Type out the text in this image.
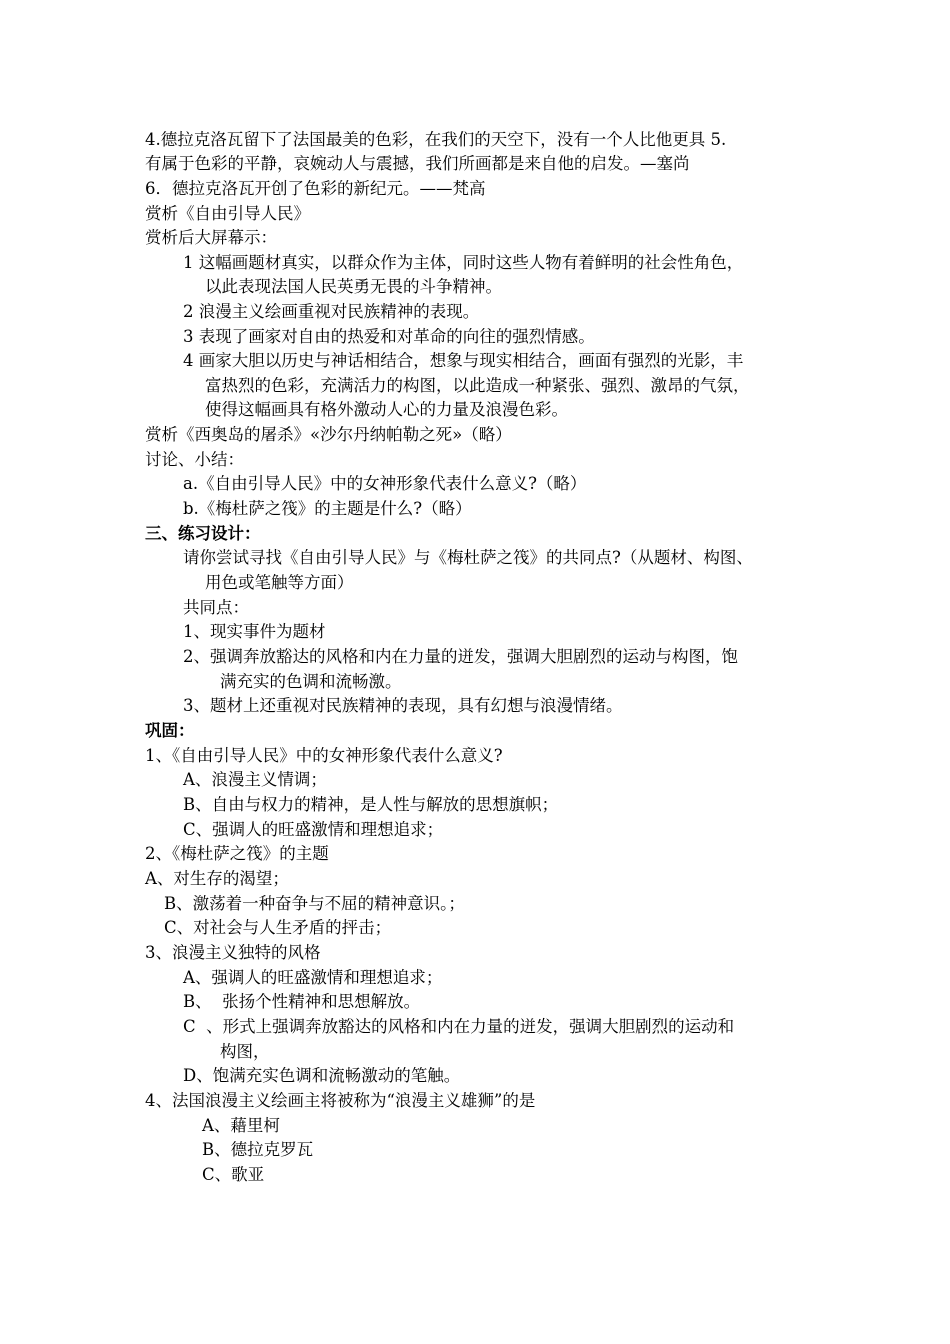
4.德拉克洛瓦留下了法国最美的色彩，在我们的天空下，没有一个人比他更具 5.
有属于色彩的平静，哀婉动人与震撼，我们所画都是来自他的启发。—塞尚
6．德拉克洛瓦开创了色彩的新纪元。——梵高
赏析《自由引导人民》
赏析后大屏幕示：
1 这幅画题材真实，以群众作为主体，同时这些人物有着鲜明的社会性角色，
以此表现法国人民英勇无畏的斗争精神。
2 浪漫主义绘画重视对民族精神的表现。
3 表现了画家对自由的热爱和对革命的向往的强烈情感。
4 画家大胆以历史与神话相结合，想象与现实相结合，画面有强烈的光影，丰
富热烈的色彩，充满活力的构图，以此造成一种紧张、强烈、激昂的气氛，
使得这幅画具有格外激动人心的力量及浪漫色彩。
赏析《西奥岛的屠杀》«沙尔丹纳帕勒之死»（略）
讨论、小结：
a.《自由引导人民》中的女神形象代表什么意义?（略）
b.《梅杜萨之筏》的主题是什么?（略）
三、练习设计：
请你尝试寻找《自由引导人民》与《梅杜萨之筏》的共同点?（从题材、构图、
用色或笔触等方面）
共同点：
1、现实事件为题材
2、强调奔放豁达的风格和内在力量的迸发，强调大胆剧烈的运动与构图，饱
满充实的色调和流畅激。
3、题材上还重视对民族精神的表现，具有幻想与浪漫情绪。
巩固：
1、《自由引导人民》中的女神形象代表什么意义?
A、浪漫主义情调；
B、自由与权力的精神，是人性与解放的思想旗帜；
C、强调人的旺盛激情和理想追求；
2、《梅杜萨之筏》的主题
A、对生存的渴望；
B、激荡着一种奋争与不屈的精神意识。；
C、对社会与人生矛盾的抨击；
3、浪漫主义独特的风格
A、强调人的旺盛激情和理想追求；
B、  张扬个性精神和思想解放。
C  、形式上强调奔放豁达的风格和内在力量的迸发，强调大胆剧烈的运动和
构图，
D、饱满充实色调和流畅激动的笔触。
4、法国浪漫主义绘画主将被称为“浪漫主义雄狮”的是
A、藉里柯
B、德拉克罗瓦
C、歌亚
